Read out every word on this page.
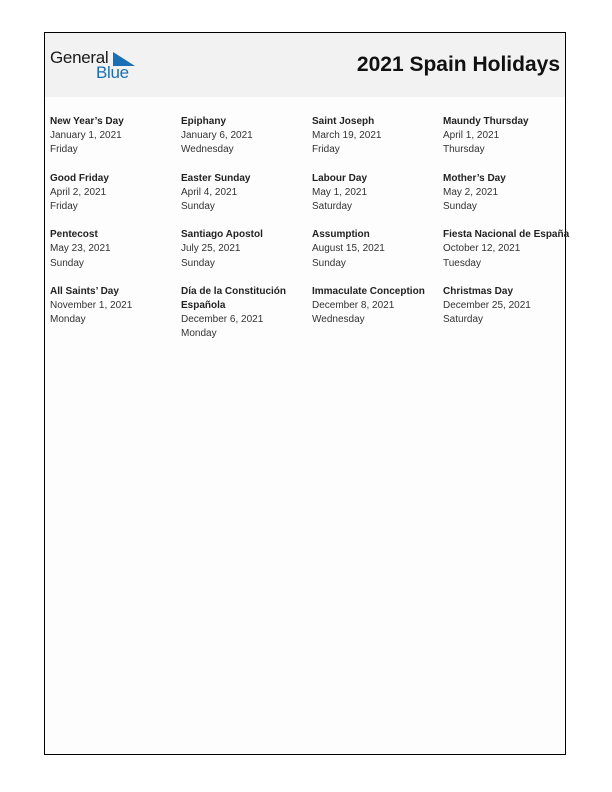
General
Blue	2021 Spain Holidays
New Year’s Day
January 1, 2021
Friday
Epiphany
January 6, 2021
Wednesday
Saint Joseph
March 19, 2021
Friday
Maundy Thursday
April 1, 2021
Thursday
Good Friday
April 2, 2021
Friday
Easter Sunday
April 4, 2021
Sunday
Labour Day
May 1, 2021
Saturday
Mother’s Day
May 2, 2021
Sunday
Pentecost
May 23, 2021
Sunday
Santiago Apostol
July 25, 2021
Sunday
Assumption
August 15, 2021
Sunday
Fiesta Nacional de España
October 12, 2021
Tuesday
All Saints’ Day
November 1, 2021
Monday
Día de la Constitución Española
December 6, 2021
Monday
Immaculate Conception
December 8, 2021
Wednesday
Christmas Day
December 25, 2021
Saturday
